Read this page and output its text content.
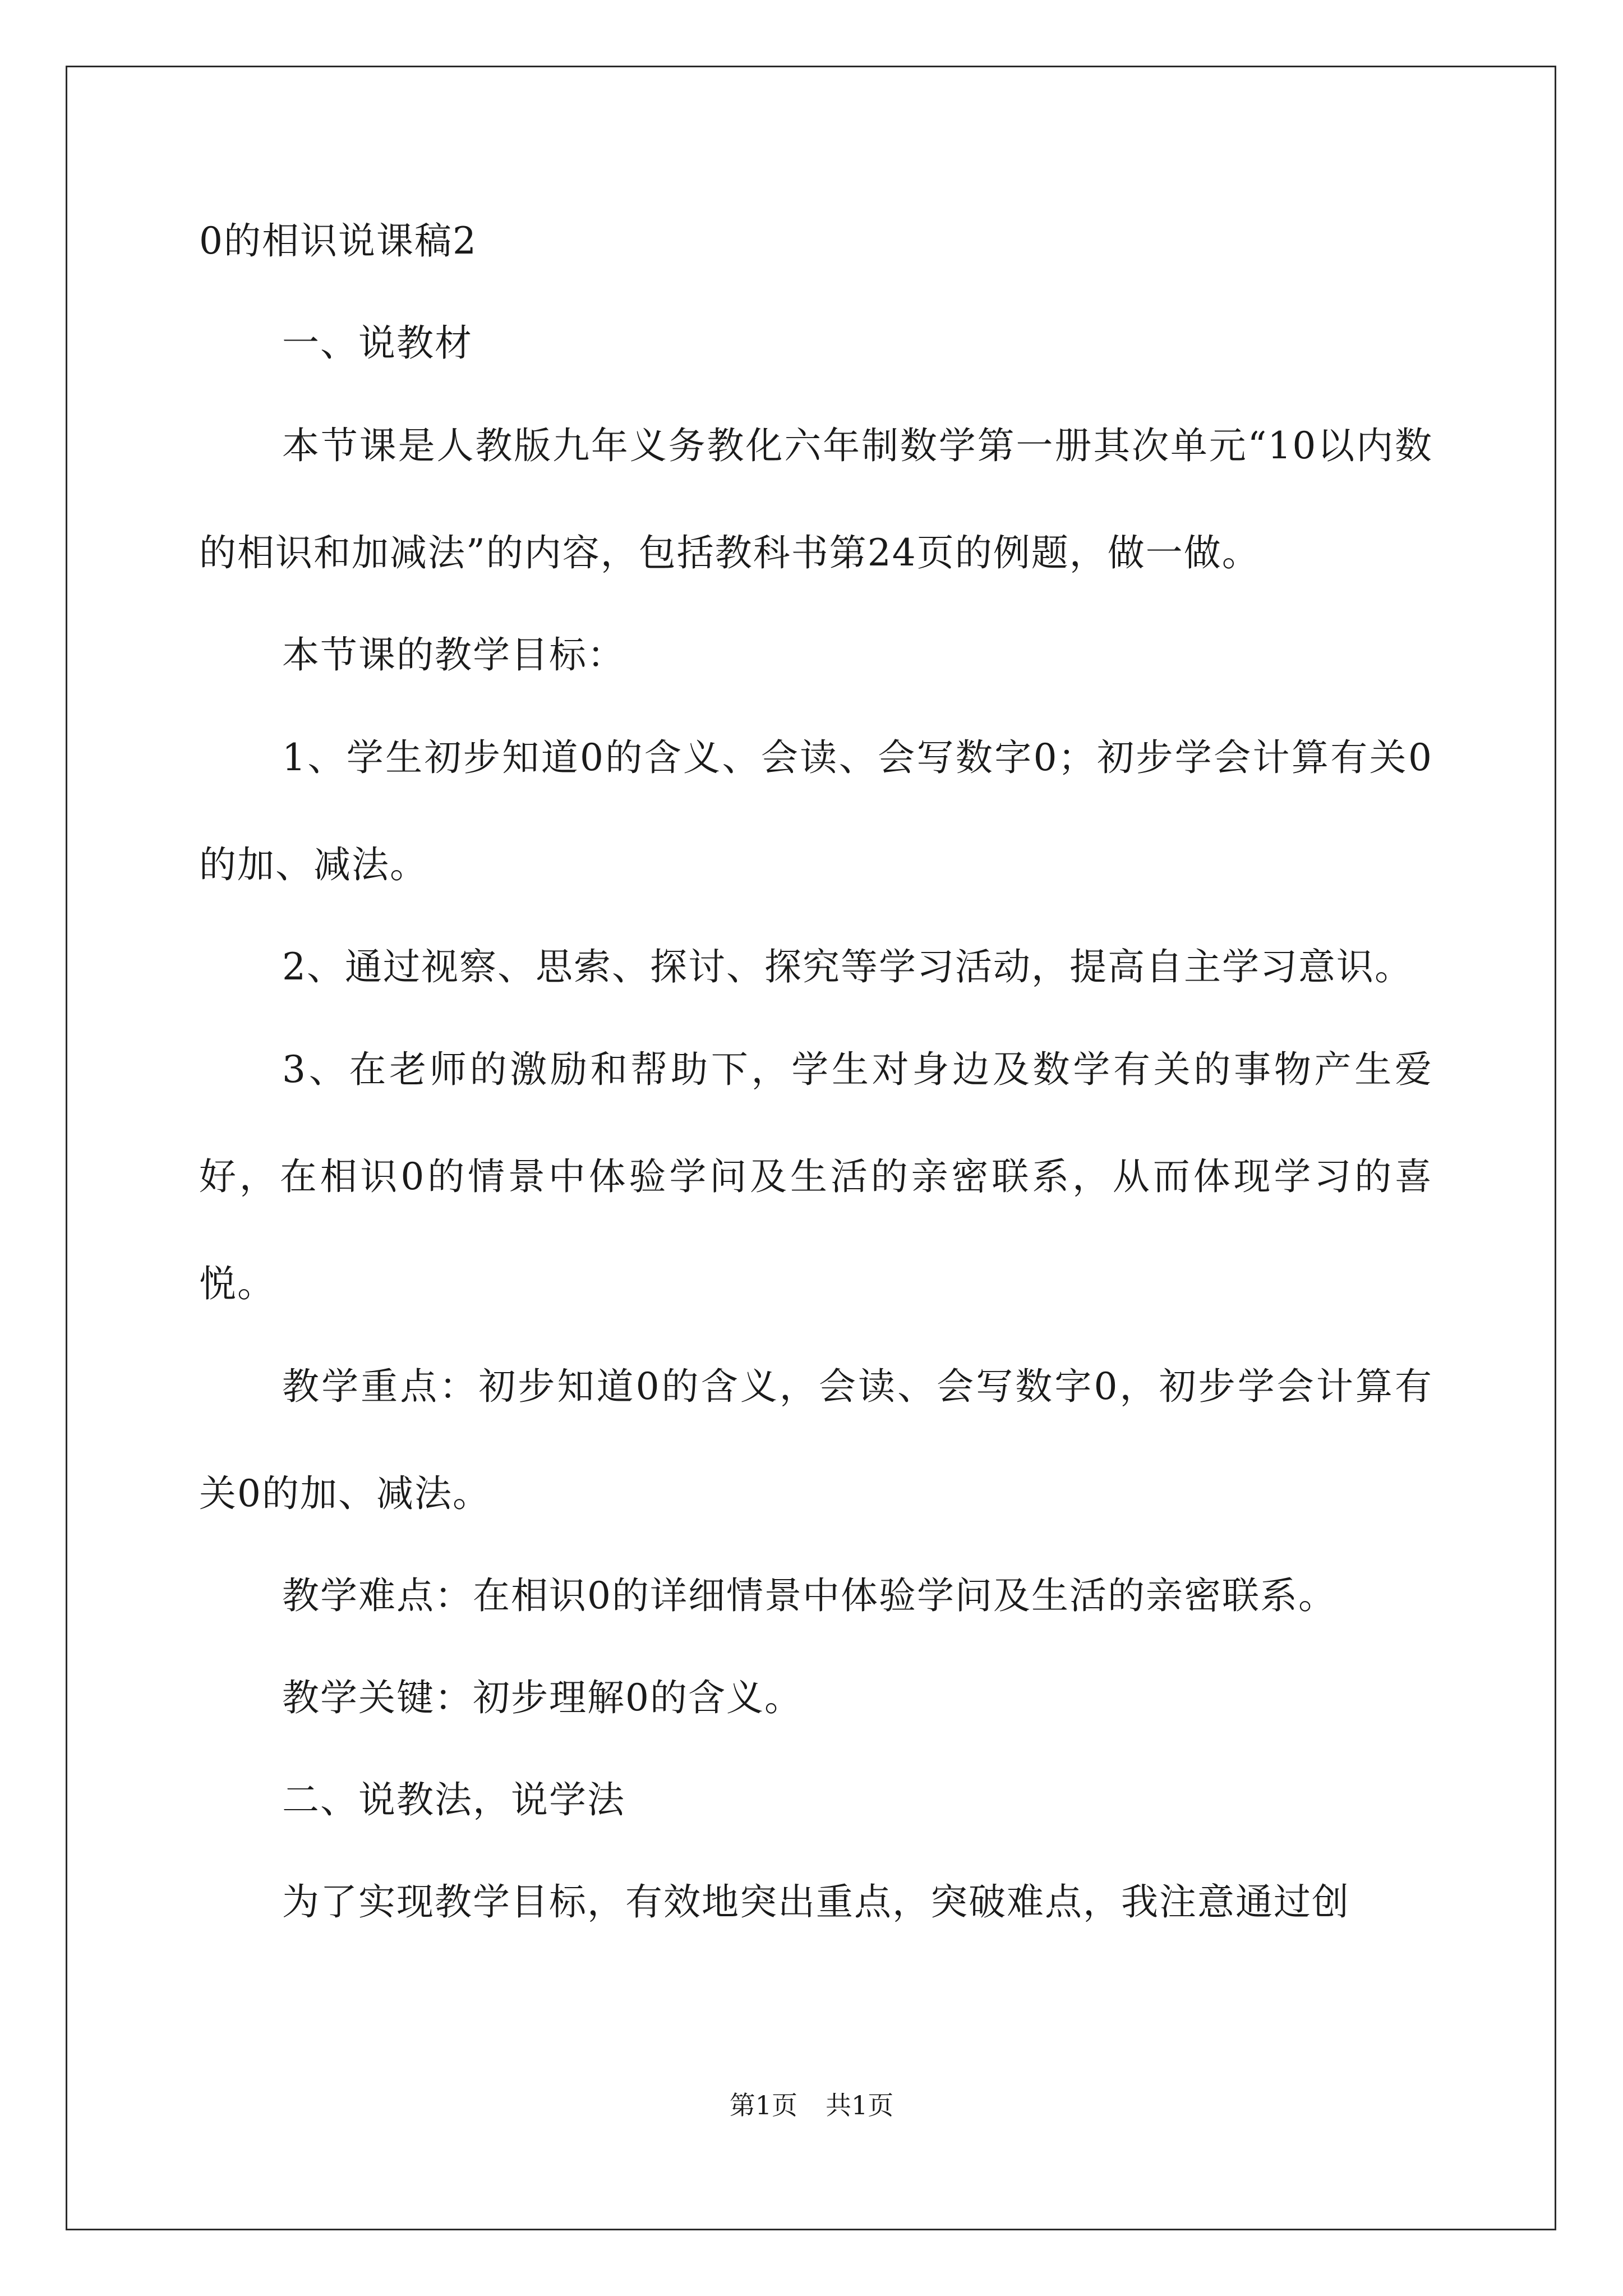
0的相识说课稿2

一、说教材

本节课是人教版九年义务教化六年制数学第一册其次单元“10以内数的相识和加减法”的内容，包括教科书第24页的例题，做一做。

本节课的教学目标：

1、学生初步知道0的含义、会读、会写数字0；初步学会计算有关0的加、减法。

2、通过视察、思索、探讨、探究等学习活动，提高自主学习意识。

3、在老师的激励和帮助下，学生对身边及数学有关的事物产生爱好，在相识0的情景中体验学问及生活的亲密联系，从而体现学习的喜悦。

教学重点：初步知道0的含义，会读、会写数字0，初步学会计算有关0的加、减法。

教学难点：在相识0的详细情景中体验学问及生活的亲密联系。

教学关键：初步理解0的含义。

二、说教法，说学法

为了实现教学目标，有效地突出重点，突破难点，我注意通过创

第1页 共1页
